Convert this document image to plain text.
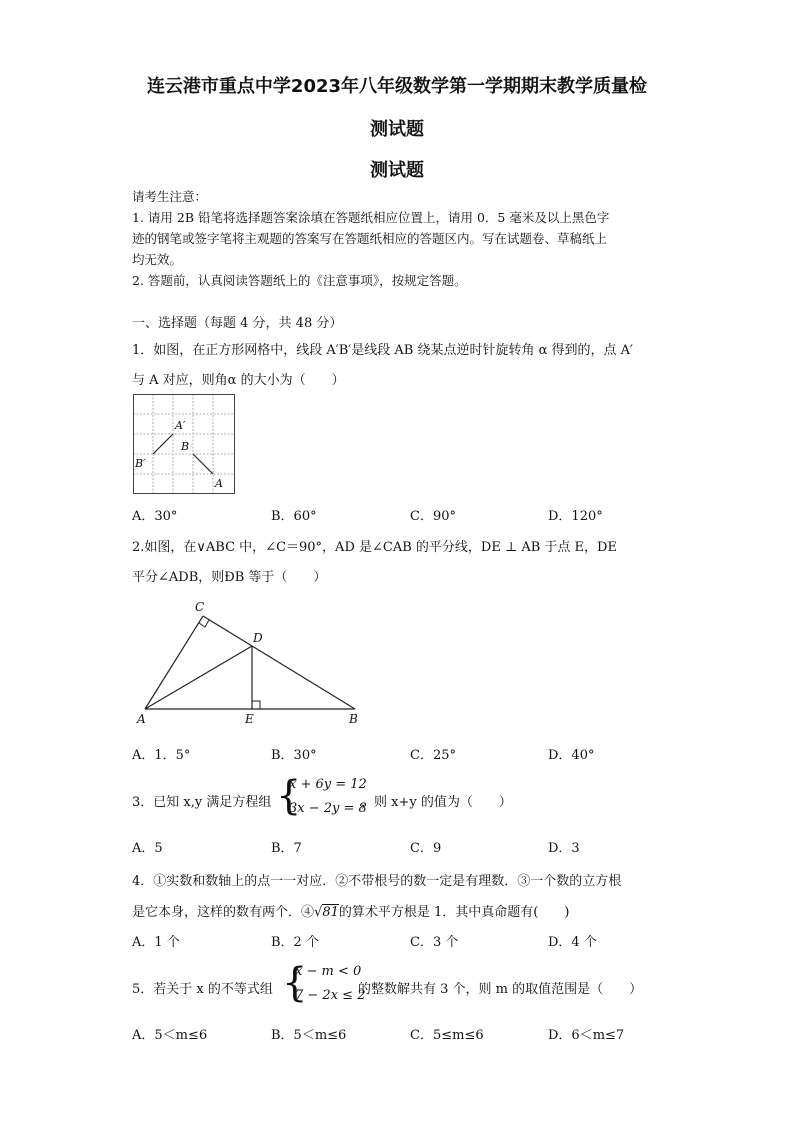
连云港市重点中学2023年八年级数学第一学期期末教学质量检
测试题
测试题
请考生注意：
1. 请用 2B 铅笔将选择题答案涂填在答题纸相应位置上，请用 0．5 毫米及以上黑色字
迹的钢笔或签字笔将主观题的答案写在答题纸相应的答题区内。写在试题卷、草稿纸上
均无效。
2. 答题前，认真阅读答题纸上的《注意事项》，按规定答题。
一、选择题（每题 4 分，共 48 分）
1．如图，在正方形网格中，线段 A′B′是线段 AB 绕某点逆时针旋转角 α 得到的，点 A′
与 A 对应，则角α 的大小为（　　）
A′
B
B′
A
A．30°	B．60°	C．90°	D．120°
2.如图，在∨ABC 中，∠C＝90°，AD 是∠CAB 的平分线，DE ⊥ AB 于点 E，DE
平分∠ADB，则ÐB 等于（　　）
C
D
A	E	B
A．1．5°	B．30°	C．25°	D．40°
3．已知 x,y 满足方程组 {
x + 6y = 12
3x − 2y = 8
，则 x+y 的值为（　　）
A．5	B．7	C．9	D．3
4．①实数和数轴上的点一一对应．②不带根号的数一定是有理数．③一个数的立方根
是它本身，这样的数有两个．④√81的算术平方根是 1．其中真命题有(　　)
A．1 个	B．2 个	C．3 个	D．4 个
5．若关于 x 的不等式组 {
x − m < 0
7 − 2x ≤ 2
的整数解共有 3 个，则 m 的取值范围是（　　）
A．5＜m≤6	B．5＜m≤6	C．5≤m≤6	D．6＜m≤7
